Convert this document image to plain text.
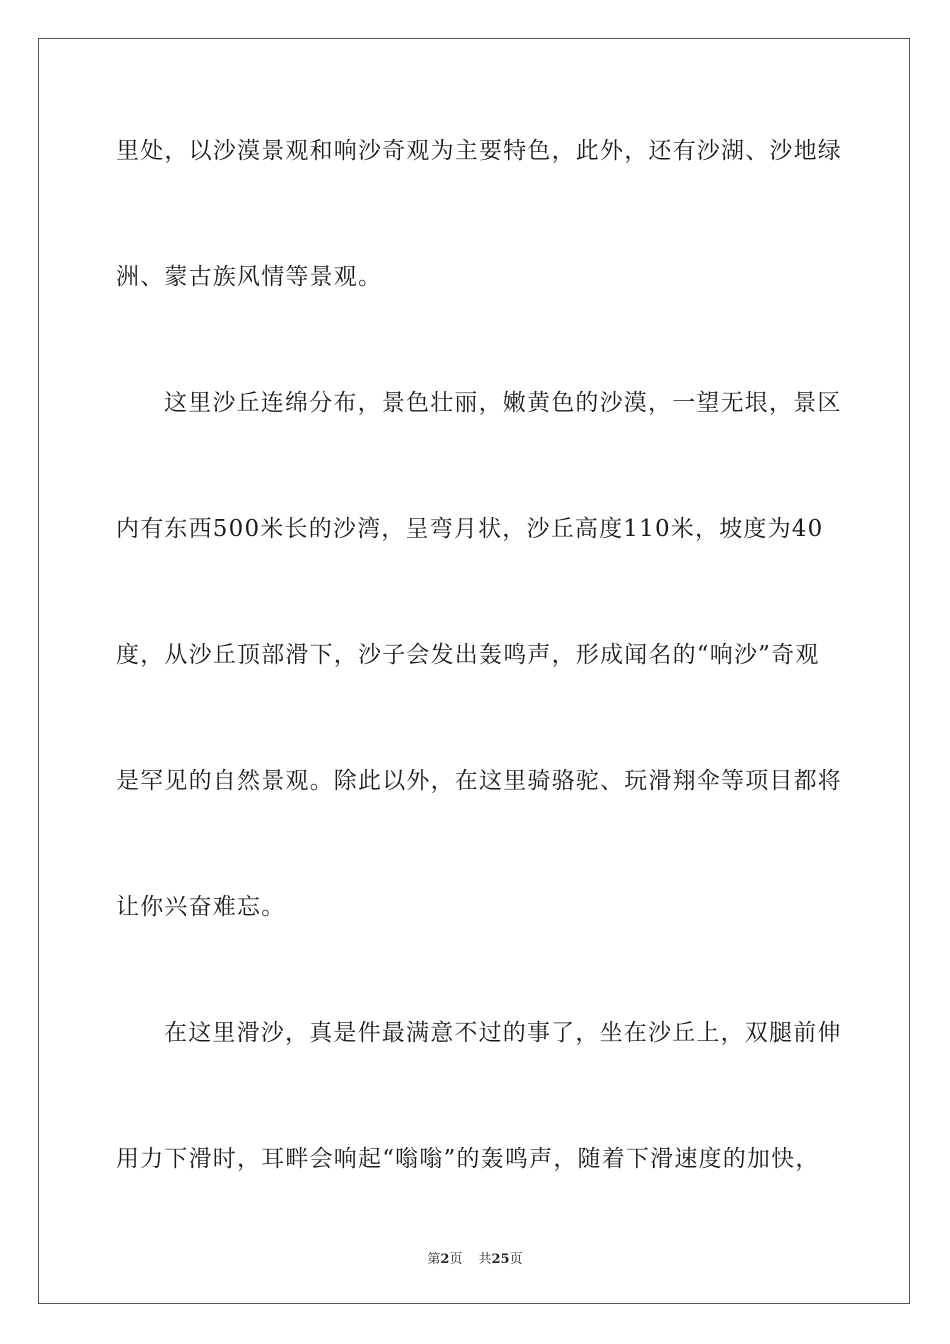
里处，以沙漠景观和响沙奇观为主要特色，此外，还有沙湖、沙地绿
洲、蒙古族风情等景观。
这里沙丘连绵分布，景色壮丽，嫩黄色的沙漠，一望无垠，景区
内有东西500米长的沙湾，呈弯月状，沙丘高度110米，坡度为40
度，从沙丘顶部滑下，沙子会发出轰鸣声，形成闻名的“响沙”奇观
是罕见的自然景观。除此以外，在这里骑骆驼、玩滑翔伞等项目都将
让你兴奋难忘。
在这里滑沙，真是件最满意不过的事了，坐在沙丘上，双腿前伸
用力下滑时，耳畔会响起“嗡嗡”的轰鸣声，随着下滑速度的加快，
第2页 共25页
